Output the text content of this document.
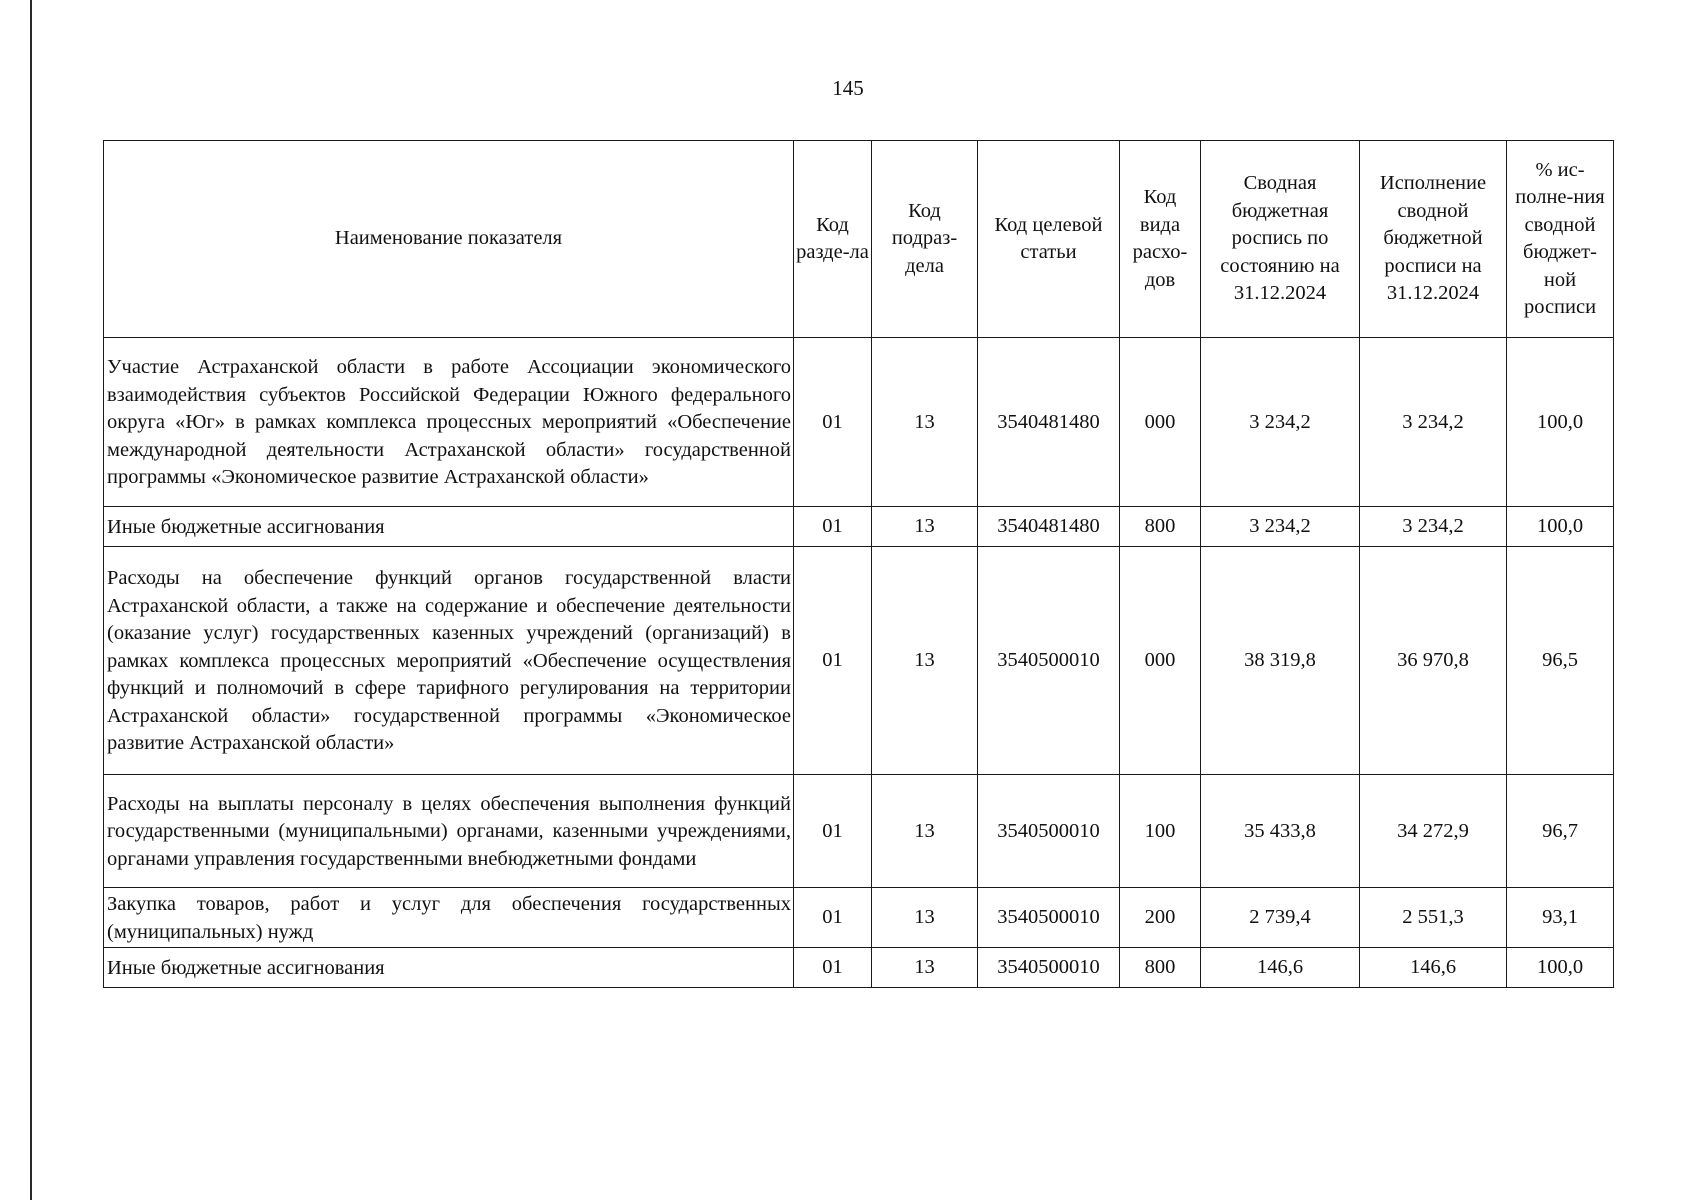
145
Наименование показателя	Код разде-ла	Код подраз-дела	Код целевой статьи	Код вида расхо-дов	Сводная бюджетная роспись по состоянию на 31.12.2024	Исполнение сводной бюджетной росписи на 31.12.2024	% ис-полне-ния сводной бюджет-ной росписи
Участие Астраханской области в работе Ассоциации экономического взаимодействия субъектов Российской Федерации Южного федерального округа «Юг» в рамках комплекса процессных мероприятий «Обеспечение международной деятельности Астраханской области» государственной программы «Экономическое развитие Астраханской области»	01	13	3540481480	000	3 234,2	3 234,2	100,0
Иные бюджетные ассигнования	01	13	3540481480	800	3 234,2	3 234,2	100,0
Расходы на обеспечение функций органов государственной власти Астраханской области, а также на содержание и обеспечение деятельности (оказание услуг) государственных казенных учреждений (организаций) в рамках комплекса процессных мероприятий «Обеспечение осуществления функций и полномочий в сфере тарифного регулирования на территории Астраханской области» государственной программы «Экономическое развитие Астраханской области»	01	13	3540500010	000	38 319,8	36 970,8	96,5
Расходы на выплаты персоналу в целях обеспечения выполнения функций государственными (муниципальными) органами, казенными учреждениями, органами управления государственными внебюджетными фондами	01	13	3540500010	100	35 433,8	34 272,9	96,7
Закупка товаров, работ и услуг для обеспечения государственных (муниципальных) нужд	01	13	3540500010	200	2 739,4	2 551,3	93,1
Иные бюджетные ассигнования	01	13	3540500010	800	146,6	146,6	100,0
